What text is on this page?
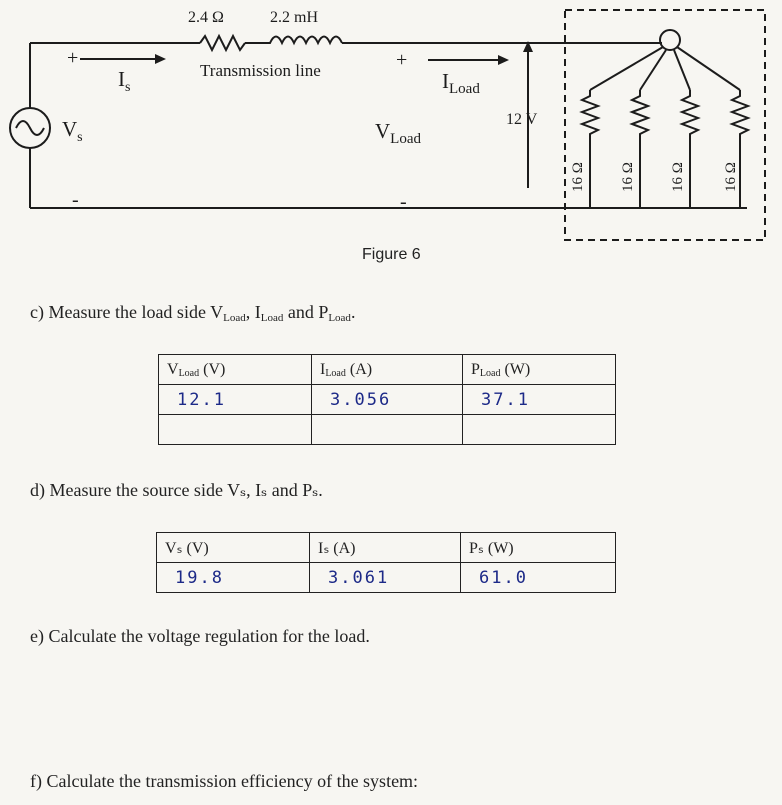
2.4 Ω	2.2 mH
Transmission line
+
-
+
-
$I_s$
$V_s$	$V_{Load}$
$I_{Load}$
12 V
16 Ω 16 Ω 16 Ω 16 Ω
Figure 6
c) Measure the load side $V_{Load}$, $I_{Load}$ and $P_{Load}$.
VLoad (V)	ILoad (A)	PLoad (W)
12.1	3.056	37.1

d) Measure the source side Vₛ, Iₛ and Pₛ.
Vₛ (V)	Iₛ (A)	Pₛ (W)
19.8	3.061	61.0
e) Calculate the voltage regulation for the load.
f) Calculate the transmission efficiency of the system:
